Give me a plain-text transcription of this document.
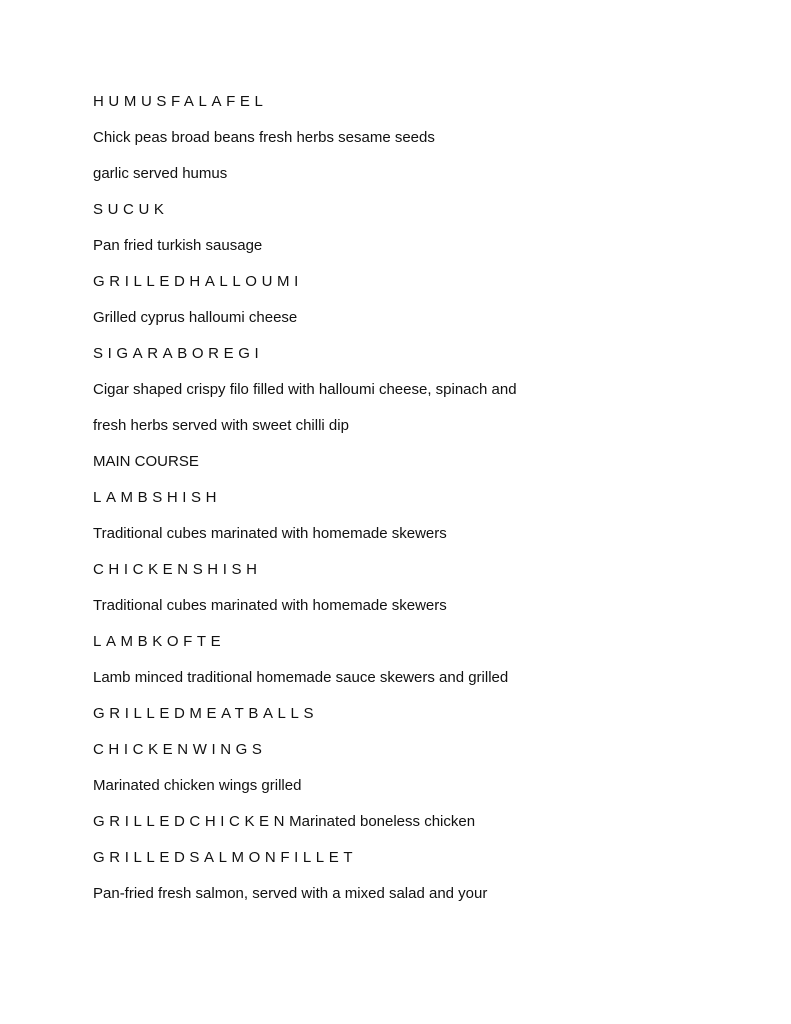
HUMUSFALAFEL
Chick peas broad beans fresh herbs sesame seeds
garlic served humus
SUCUK
Pan fried turkish sausage
GRILLEDHALLOUMI
Grilled cyprus halloumi cheese
SIGARABOREGI
Cigar shaped crispy filo filled with halloumi cheese, spinach and
fresh herbs served with sweet chilli dip
MAIN COURSE
LAMBSHISH
Traditional cubes marinated with homemade skewers
CHICKENSHISH
Traditional cubes marinated with homemade skewers
LAMBKOFTE
Lamb minced traditional homemade sauce skewers and grilled
GRILLEDMEATBALLS
CHICKENWINGS
Marinated chicken wings grilled
GRILLEDCHICKENMarinated boneless chicken
GRILLEDSALMONFILLET
Pan-fried fresh salmon, served with a mixed salad and your
